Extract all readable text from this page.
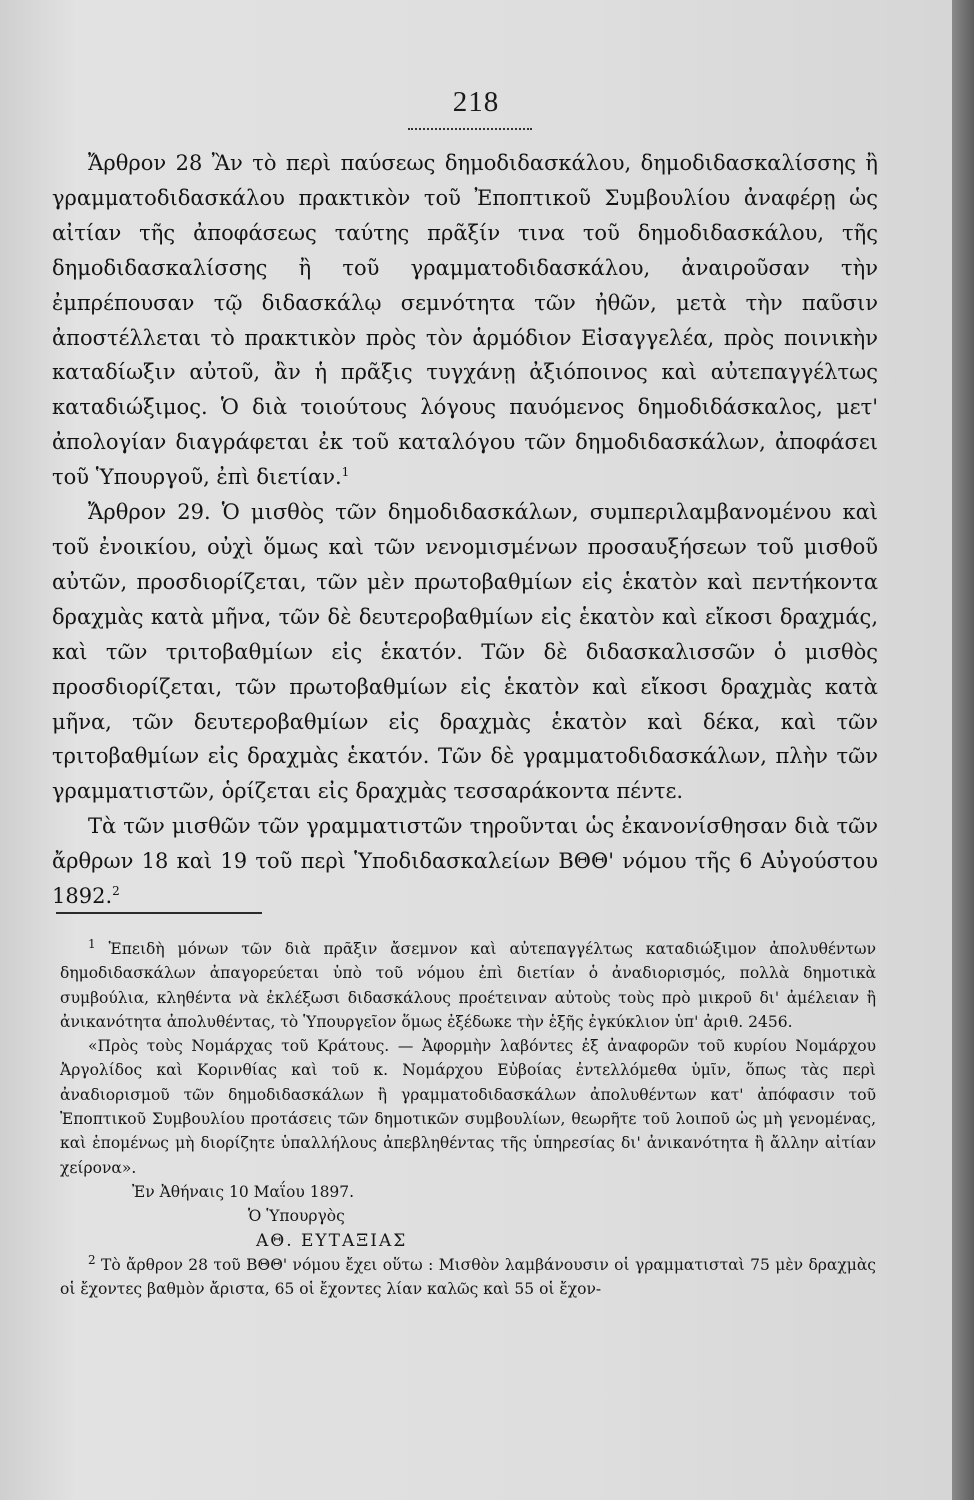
218

Ἄρθρον 28 Ἂν τὸ περὶ παύσεως δημοδιδασκάλου, δημοδιδασκαλίσσης ἢ γραμματοδιδασκάλου πρακτικὸν τοῦ Ἐποπτικοῦ Συμβουλίου ἀναφέρῃ ὡς αἰτίαν τῆς ἀποφάσεως ταύτης πρᾶξίν τινα τοῦ δημοδιδασκάλου, τῆς δημοδιδασκαλίσσης ἢ τοῦ γραμματοδιδασκάλου, ἀναιροῦσαν τὴν ἐμπρέπουσαν τῷ διδασκάλῳ σεμνότητα τῶν ἠθῶν, μετὰ τὴν παῦσιν ἀποστέλλεται τὸ πρακτικὸν πρὸς τὸν ἁρμόδιον Εἰσαγγελέα, πρὸς ποινικὴν καταδίωξιν αὐτοῦ, ἂν ἡ πρᾶξις τυγχάνῃ ἀξιόποινος καὶ αὐτεπαγγέλτως καταδιώξιμος. Ὁ διὰ τοιούτους λόγους παυόμενος δημοδιδάσκαλος, μετ' ἀπολογίαν διαγράφεται ἐκ τοῦ καταλόγου τῶν δημοδιδασκάλων, ἀποφάσει τοῦ Ὑπουργοῦ, ἐπὶ διετίαν.$^1$

Ἄρθρον 29. Ὁ μισθὸς τῶν δημοδιδασκάλων, συμπεριλαμβανομένου καὶ τοῦ ἐνοικίου, οὐχὶ ὅμως καὶ τῶν νενομισμένων προσαυξήσεων τοῦ μισθοῦ αὐτῶν, προσδιορίζεται, τῶν μὲν πρωτοβαθμίων εἰς ἑκατὸν καὶ πεντήκοντα δραχμὰς κατὰ μῆνα, τῶν δὲ δευτεροβαθμίων εἰς ἑκατὸν καὶ εἴκοσι δραχμάς, καὶ τῶν τριτοβαθμίων εἰς ἑκατόν. Τῶν δὲ διδασκαλισσῶν ὁ μισθὸς προσδιορίζεται, τῶν πρωτοβαθμίων εἰς ἑκατὸν καὶ εἴκοσι δραχμὰς κατὰ μῆνα, τῶν δευτεροβαθμίων εἰς δραχμὰς ἑκατὸν καὶ δέκα, καὶ τῶν τριτοβαθμίων εἰς δραχμὰς ἑκατόν. Τῶν δὲ γραμματοδιδασκάλων, πλὴν τῶν γραμματιστῶν, ὁρίζεται εἰς δραχμὰς τεσσαράκοντα πέντε.

Τὰ τῶν μισθῶν τῶν γραμματιστῶν τηροῦνται ὡς ἐκανονίσθησαν διὰ τῶν ἄρθρων 18 καὶ 19 τοῦ περὶ Ὑποδιδασκαλείων ΒΘΘ' νόμου τῆς 6 Αὐγούστου 1892.$^2$

$^1$ Ἐπειδὴ μόνων τῶν διὰ πρᾶξιν ἄσεμνον καὶ αὐτεπαγγέλτως καταδιώξιμον ἀπολυθέντων δημοδιδασκάλων ἀπαγορεύεται ὑπὸ τοῦ νόμου ἐπὶ διετίαν ὁ ἀναδιορισμός, πολλὰ δημοτικὰ συμβούλια, κληθέντα νὰ ἐκλέξωσι διδασκάλους προέτειναν αὐτοὺς τοὺς πρὸ μικροῦ δι' ἀμέλειαν ἢ ἀνικανότητα ἀπολυθέντας, τὸ Ὑπουργεῖον ὅμως ἐξέδωκε τὴν ἑξῆς ἐγκύκλιον ὑπ' ἀριθ. 2456.

«Πρὸς τοὺς Νομάρχας τοῦ Κράτους. — Ἀφορμὴν λαβόντες ἐξ ἀναφορῶν τοῦ κυρίου Νομάρχου Ἀργολίδος καὶ Κορινθίας καὶ τοῦ κ. Νομάρχου Εὐβοίας ἐντελλόμεθα ὑμῖν, ὅπως τὰς περὶ ἀναδιορισμοῦ τῶν δημοδιδασκάλων ἢ γραμματοδιδασκάλων ἀπολυθέντων κατ' ἀπόφασιν τοῦ Ἐποπτικοῦ Συμβουλίου προτάσεις τῶν δημοτικῶν συμβουλίων, θεωρῆτε τοῦ λοιποῦ ὡς μὴ γενομένας, καὶ ἑπομένως μὴ διορίζητε ὑπαλλήλους ἀπεβληθέντας τῆς ὑπηρεσίας δι' ἀνικανότητα ἢ ἄλλην αἰτίαν χείρονα».

Ἐν Ἀθήναις 10 Μαΐου 1897.

Ὁ Ὑπουργὸς

ΑΘ. ΕΥΤΑΞΙΑΣ

$^2$ Τὸ ἄρθρον 28 τοῦ ΒΘΘ' νόμου ἔχει οὕτω : Μισθὸν λαμβάνουσιν οἱ γραμματισταὶ 75 μὲν δραχμὰς οἱ ἔχοντες βαθμὸν ἄριστα, 65 οἱ ἔχοντες λίαν καλῶς καὶ 55 οἱ ἔχον-
